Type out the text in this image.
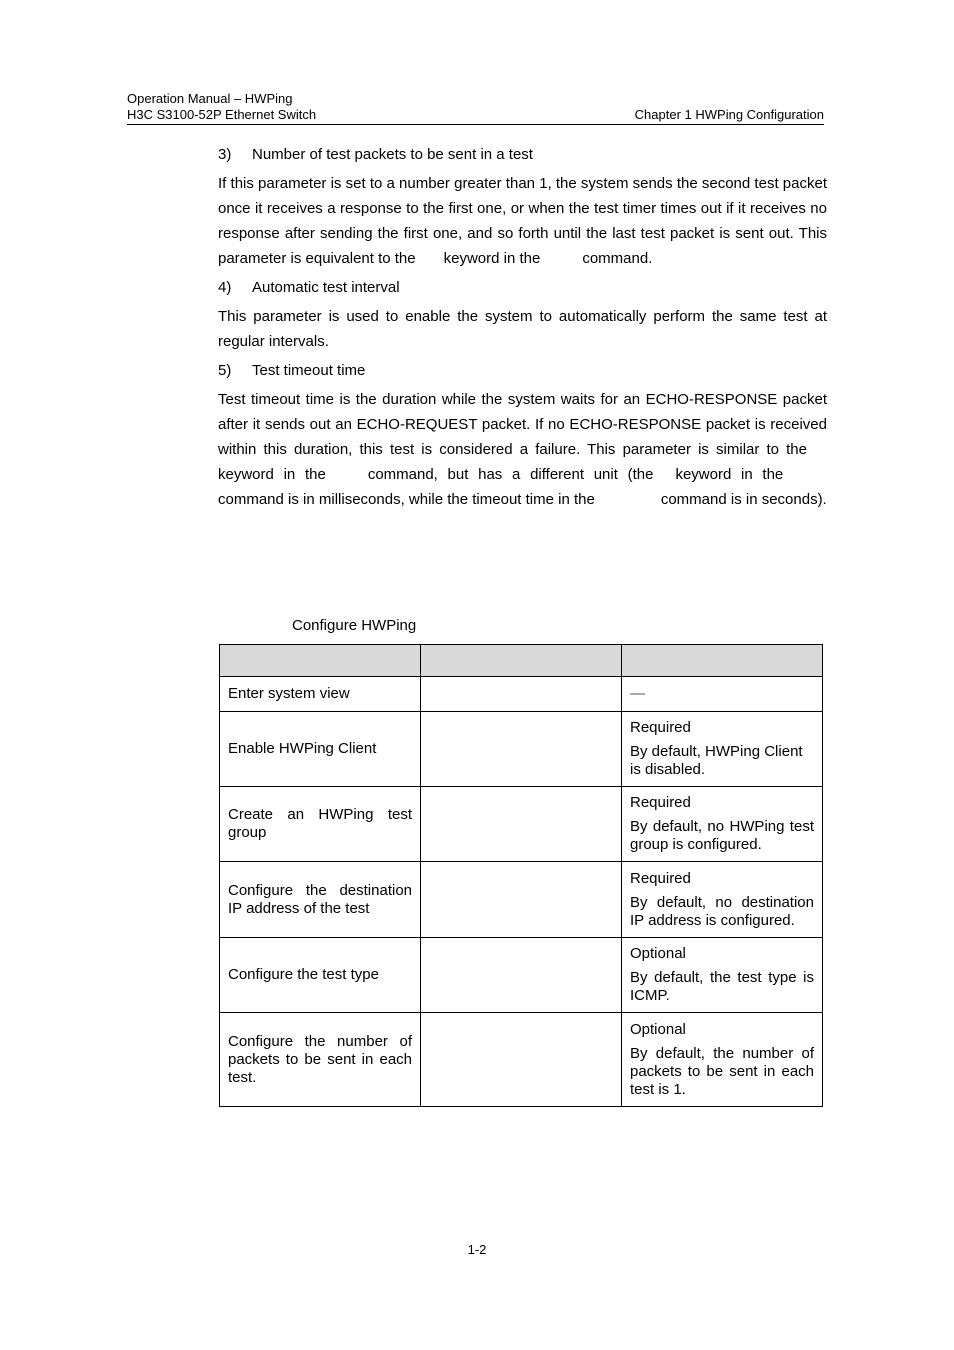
Operation Manual – HWPing
H3C S3100-52P Ethernet Switch	Chapter 1 HWPing Configuration

3) Number of test packets to be sent in a test

If this parameter is set to a number greater than 1, the system sends the second test packet once it receives a response to the first one, or when the test timer times out if it receives no response after sending the first one, and so forth until the last test packet is sent out. This parameter is equivalent to the keyword in the	command.

4) Automatic test interval

This parameter is used to enable the system to automatically perform the same test at regular intervals.

5) Test timeout time

Test timeout time is the duration while the system waits for an ECHO-RESPONSE packet after it sends out an ECHO-REQUEST packet. If no ECHO-RESPONSE packet is received within this duration, this test is considered a failure. This parameter is similar to thekeyword in the	command, but has a different unit (the keyword in the command is in milliseconds, while the timeout time in the	command is in seconds).

Configure HWPing

Enter system view		—
Enable HWPing Client		Required
By default, HWPing Client is disabled.

Create an HWPing test group		Required
By default, no HWPing test group is configured.

Configure the destination IP address of the test		Required
By default, no destination IP address is configured.

Configure the test type		Optional
By default, the test type is ICMP.

Configure the number of packets to be sent in each test.		Optional
By default, the number of packets to be sent in each test is 1.
1-2
